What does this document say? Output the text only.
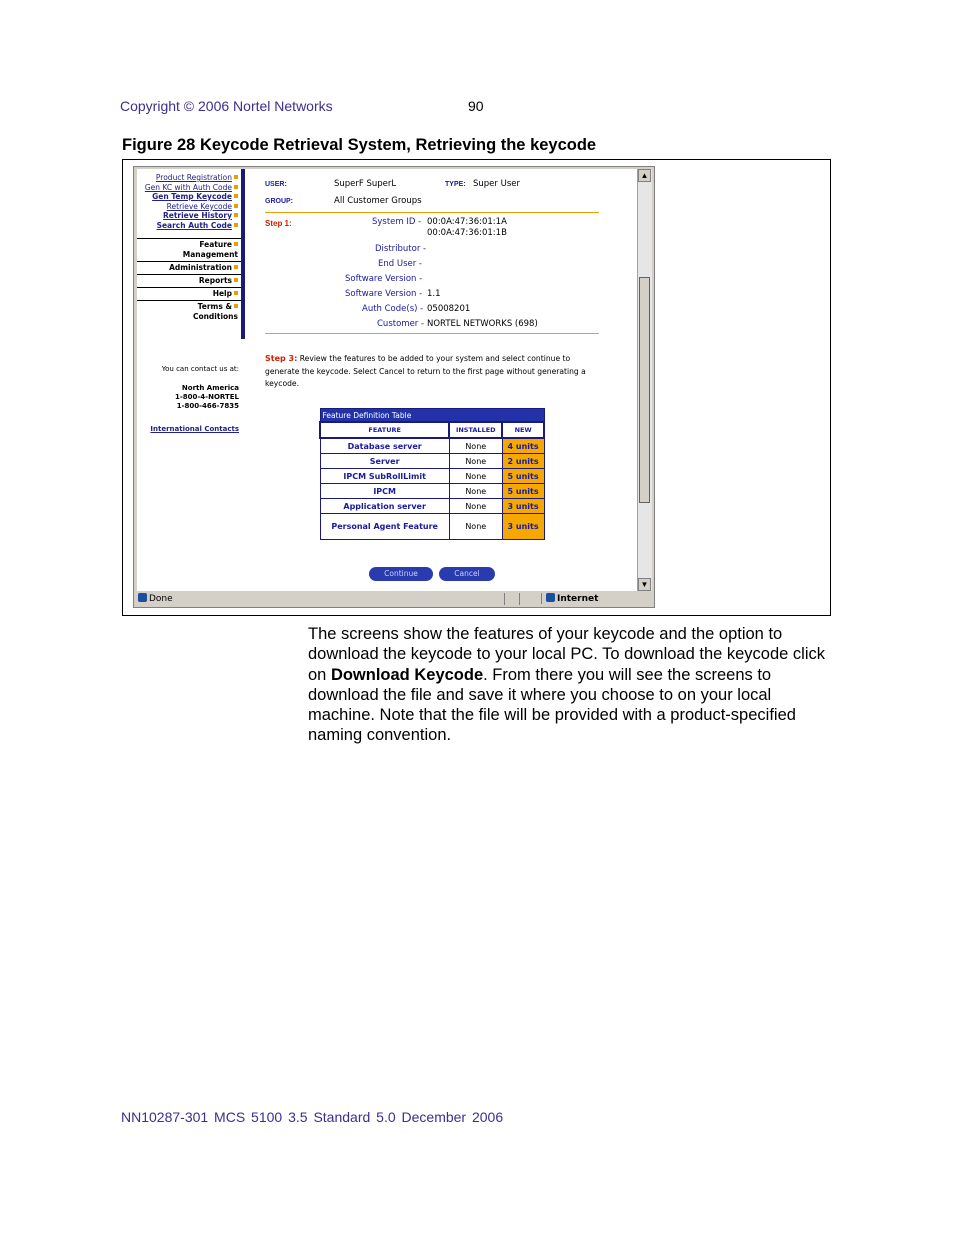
Copyright © 2006 Nortel Networks	90
Figure 28 Keycode Retrieval System, Retrieving the keycode
Product Registration
Gen KC with Auth Code
Gen Temp Keycode
Retrieve Keycode
Retrieve History
Search Auth Code
Feature
Management
Administration
Reports
Help
Terms &
Conditions
You can contact us at:
North America
1-800-4-NORTEL
1-800-466-7835
International Contacts
USER:	SuperF SuperL	TYPE: Super User
GROUP:	All Customer Groups
Step 1:	System ID - 00:0A:47:36:01:1A
00:0A:47:36:01:1B
Distributor -
End User -
Software Version -
Software Version - 1.1
Auth Code(s) - 05008201
Customer - NORTEL NETWORKS (698)
Step 3: Review the features to be added to your system and select continue to generate the keycode. Select Cancel to return to the first page without generating a keycode.
Feature Definition Table		
FEATURE	INSTALLED	NEW
Database server	None	4 units
Server	None	2 units
IPCM SubRollLimit	None	5 units
IPCM	None	5 units
Application server	None	3 units
Personal Agent Feature	None	3 units
Continue	Cancel
▲
▼
Done	Internet
The screens show the features of your keycode and the option to download the keycode to your local PC. To download the keycode click on Download Keycode. From there you will see the screens to download the file and save it where you choose to on your local machine. Note that the file will be provided with a product-specified naming convention.
NN10287-301 MCS 5100 3.5 Standard 5.0 December 2006
